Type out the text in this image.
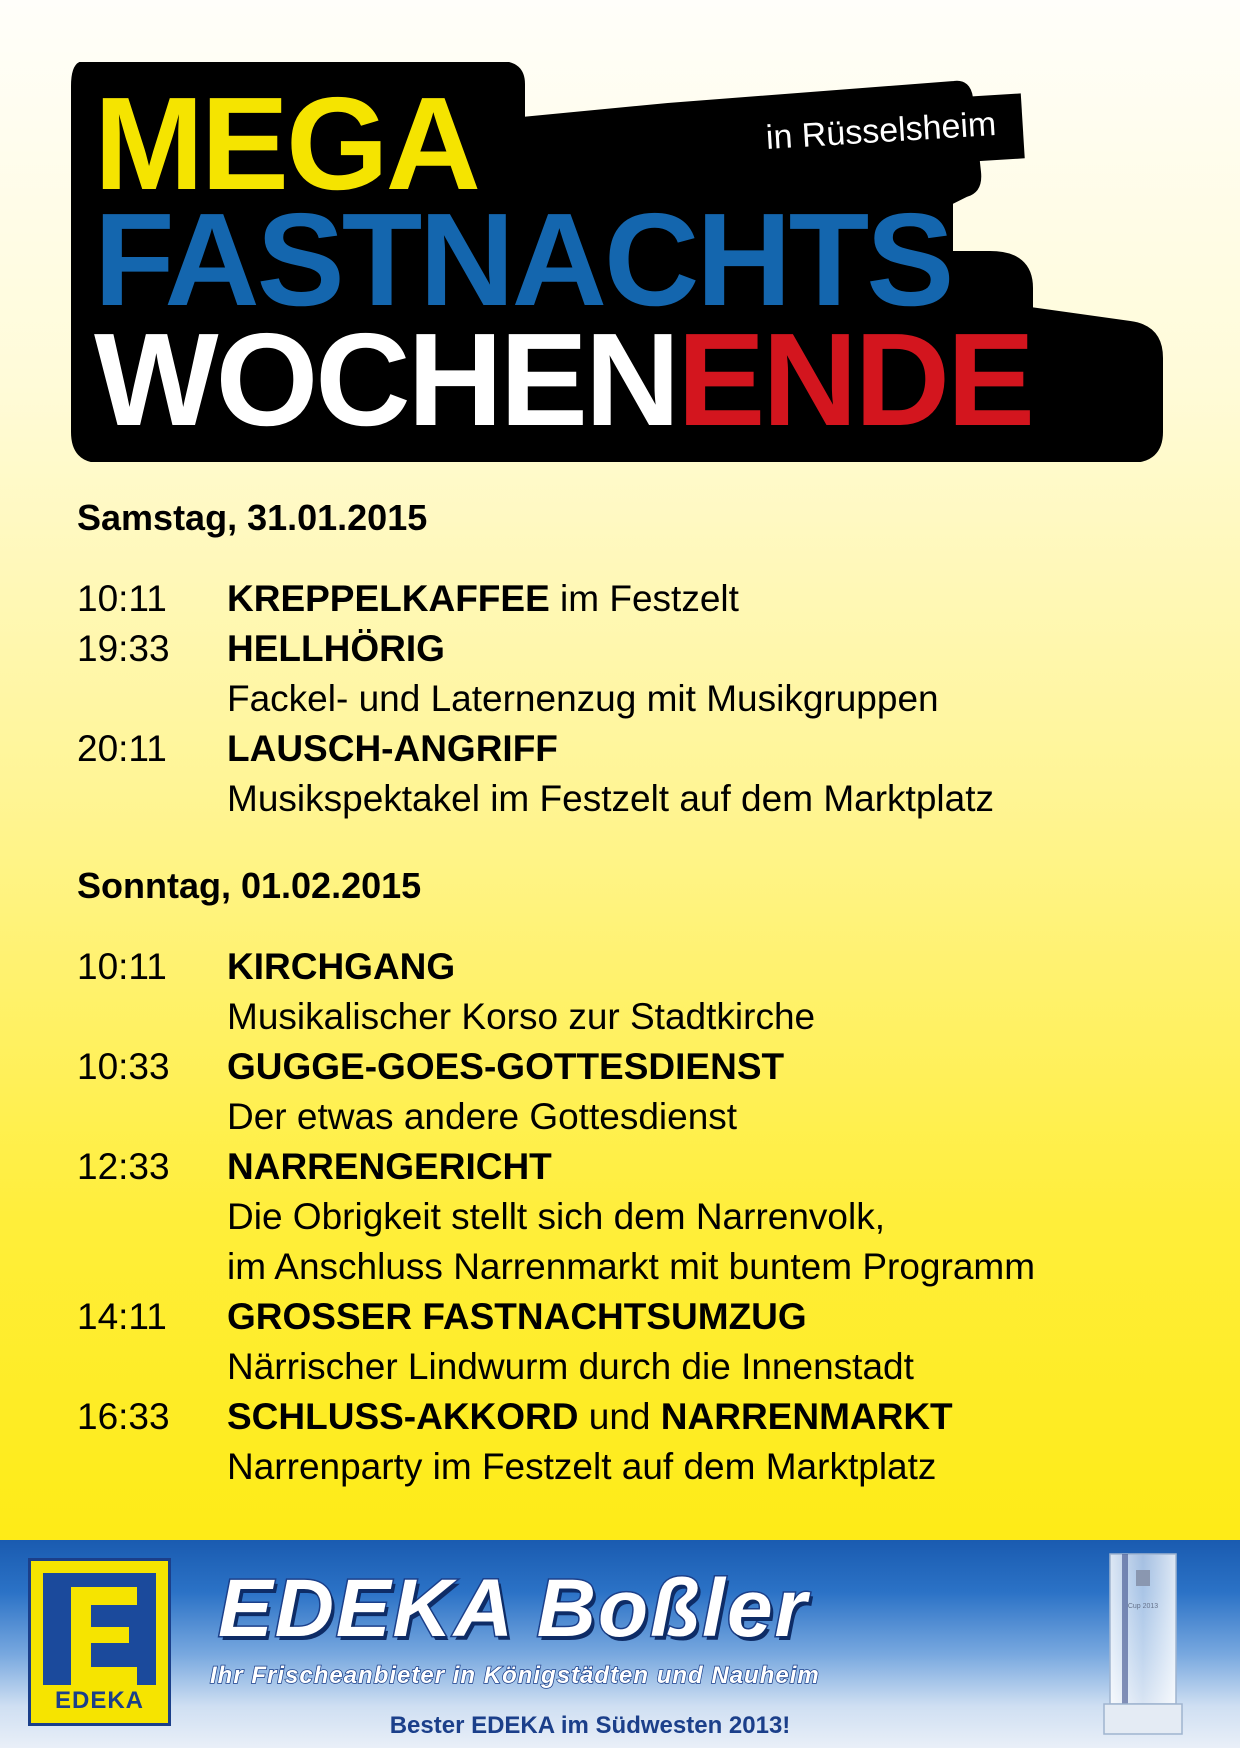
MEGA
FASTNACHTS
WOCHENENDE
in Rüsselsheim
Samstag, 31.01.2015
10:11	KREPPELKAFFEE im Festzelt
19:33	HELLHÖRIG
Fackel- und Laternenzug mit Musikgruppen
20:11	LAUSCH-ANGRIFF
Musikspektakel im Festzelt auf dem Marktplatz
Sonntag, 01.02.2015
10:11	KIRCHGANG
Musikalischer Korso zur Stadtkirche
10:33	GUGGE-GOES-GOTTESDIENST
Der etwas andere Gottesdienst
12:33	NARRENGERICHT
Die Obrigkeit stellt sich dem Narrenvolk,
im Anschluss Narrenmarkt mit buntem Programm
14:11	GROSSER FASTNACHTSUMZUG
Närrischer Lindwurm durch die Innenstadt
16:33	SCHLUSS-AKKORD und NARRENMARKT
Narrenparty im Festzelt auf dem Marktplatz
EDEKA
EDEKA Boßler
Ihr Frischeanbieter in Königstädten und Nauheim
Cup 2013
Bester EDEKA im Südwesten 2013!
